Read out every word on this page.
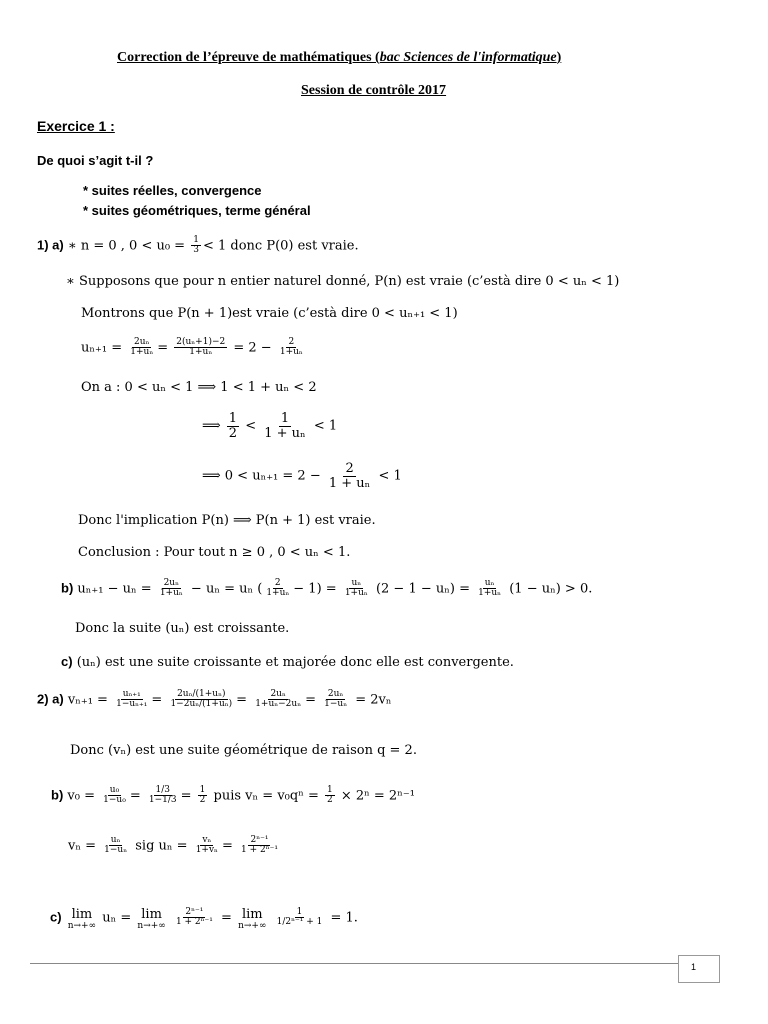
Correction de l’épreuve de mathématiques (bac Sciences de l'informatique)
Session de contrôle 2017
Exercice 1 :
De quoi s’agit t-il ?
* suites réelles, convergence
* suites géométriques, terme général
1) a) ∗ n = 0 , $0 < u_0 = \frac{1}{3} < 1$ donc P(0) est vraie.
∗ Supposons que pour n entier naturel donné, P(n) est vraie (c’està dire 0 < uₙ < 1)
Montrons que P(n + 1)est vraie (c’està dire 0 < uₙ₊₁ < 1)
$u_{n+1} = \frac{\text{2uₙ}}{\text{1+uₙ}} = \frac{\text{2(uₙ+1)−2}}{\text{1+uₙ}} = 2 - \frac{2}{\text{1+uₙ}}$
On a : 0 < uₙ < 1 ⟹ 1 < 1 + uₙ < 2
⟹ $\frac{1}{2} < \frac{1}{\text{1 + uₙ}} < 1$
⟹ $0 < u_{n+1} = 2 - \frac{2}{\text{1 + uₙ}} < 1$
Donc l'implication P(n) ⟹ P(n + 1) est vraie.
Conclusion : Pour tout n ≥ 0 , 0 < uₙ < 1.
b) $u_{n+1} - u_n = \frac{\text{2uₙ}}{\text{1+uₙ}} - u_n = u_n$ ( $\frac{2}{\text{1+uₙ}} - 1) = \frac{\text{uₙ}}{\text{1+uₙ}} (2 - 1 - u_n) = \frac{\text{uₙ}}{\text{1+uₙ}} (1 - u_n) > 0$.
Donc la suite (uₙ) est croissante.
c) (uₙ) est une suite croissante et majorée donc elle est convergente.
2) a) $v_{n+1} = \frac{\text{uₙ₊₁}}{\text{1−uₙ₊₁}} = \frac{\text{2uₙ/(1+uₙ)}}{\text{1−2uₙ/(1+uₙ)}} = \frac{\text{2uₙ}}{\text{1+uₙ−2uₙ}} = \frac{\text{2uₙ}}{\text{1−uₙ}} = 2v_n$
Donc (vₙ) est une suite géométrique de raison q = 2.
b) $v_0 = \frac{\text{u₀}}{\text{1−u₀}} = \frac{1/3}{1-1/3} = \frac{1}{2}$ puis $v_n = v_0q^n = \frac{1}{2} \times 2^n = 2^{n-1}$
$v_n = \frac{\text{uₙ}}{\text{1−uₙ}}$ sig $u_n = \frac{\text{vₙ}}{\text{1+vₙ}} = \frac{\text{2ⁿ⁻¹}}{\text{1 + 2ⁿ⁻¹}}$
c) lim
n→+∞
uₙ = lim
n→+∞
$\frac{\text{2ⁿ⁻¹}}{\text{1 + 2ⁿ⁻¹}} = \lim$
n→+∞
$\frac{1}{\text{1/2ⁿ⁻¹ + 1}} = 1$.
1
